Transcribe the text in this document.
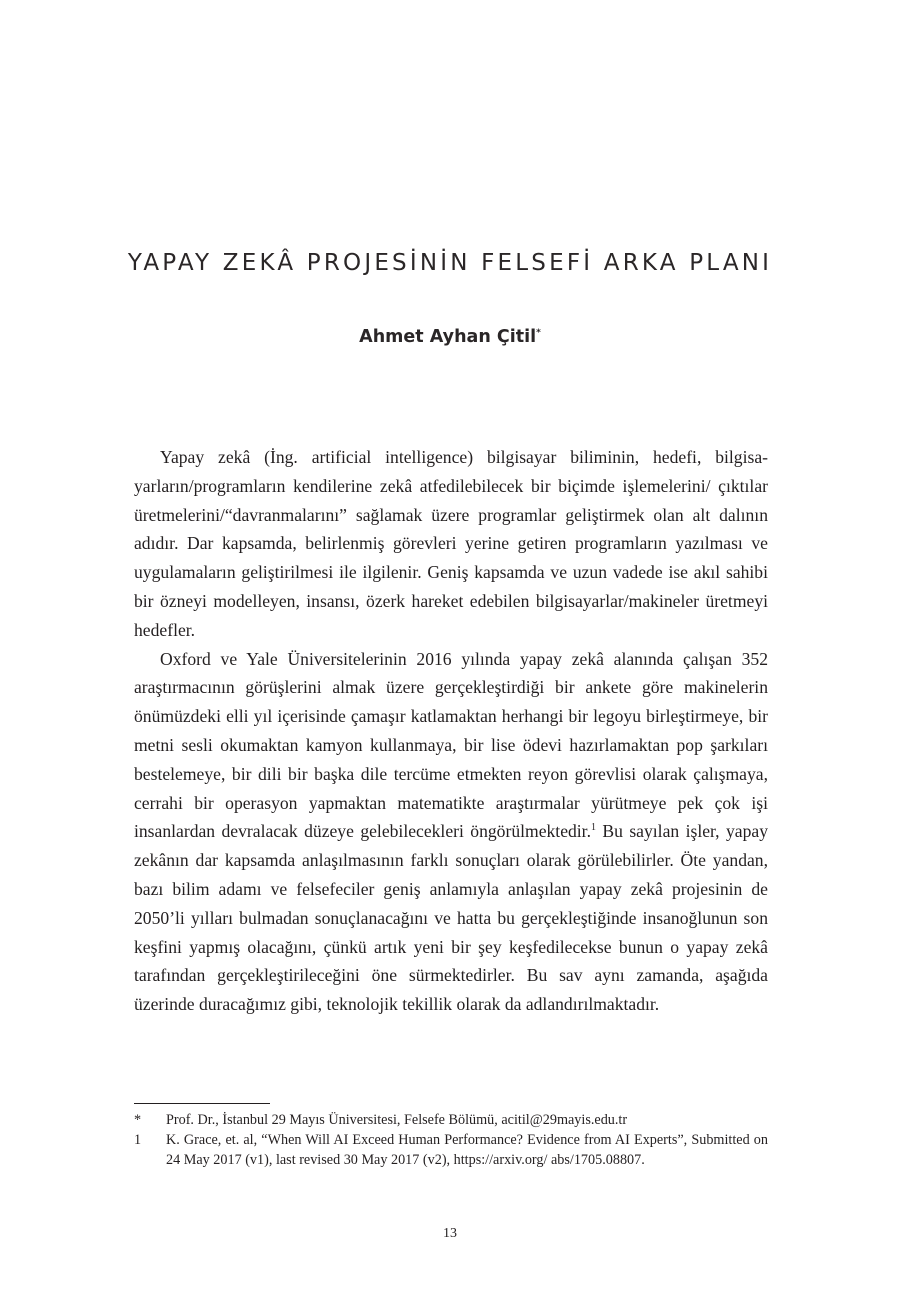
YAPAY ZEKÂ PROJESİNİN FELSEFİ ARKA PLANI

Ahmet Ayhan Çitil*

Yapay zekâ (İng. artificial intelligence) bilgisayar biliminin, hedefi, bilgisayarların/programların kendilerine zekâ atfedilebilecek bir biçimde işlemelerini/ çıktılar üretmelerini/“davranmalarını” sağlamak üzere programlar geliştirmek olan alt dalının adıdır. Dar kapsamda, belirlenmiş görevleri yerine getiren programların yazılması ve uygulamaların geliştirilmesi ile ilgilenir. Geniş kapsamda ve uzun vadede ise akıl sahibi bir özneyi modelleyen, insansı, özerk hareket edebilen bilgisayarlar/makineler üretmeyi hedefler.

Oxford ve Yale Üniversitelerinin 2016 yılında yapay zekâ alanında çalışan 352 araştırmacının görüşlerini almak üzere gerçekleştirdiği bir ankete göre makinelerin önümüzdeki elli yıl içerisinde çamaşır katlamaktan herhangi bir legoyu birleştirmeye, bir metni sesli okumaktan kamyon kullanmaya, bir lise ödevi hazırlamaktan pop şarkıları bestelemeye, bir dili bir başka dile tercüme etmekten reyon görevlisi olarak çalışmaya, cerrahi bir operasyon yapmaktan matematikte araştırmalar yürütmeye pek çok işi insanlardan devralacak düzeye gelebilecekleri öngörülmektedir.$^1$ Bu sayılan işler, yapay zekânın dar kapsamda anlaşılmasının farklı sonuçları olarak görülebilirler. Öte yandan, bazı bilim adamı ve felsefeciler geniş anlamıyla anlaşılan yapay zekâ projesinin de 2050’li yılları bulmadan sonuçlanacağını ve hatta bu gerçekleştiğinde insanoğlunun son keşfini yapmış olacağını, çünkü artık yeni bir şey keşfedilecekse bunun o yapay zekâ tarafından gerçekleştirileceğini öne sürmektedirler. Bu sav aynı zamanda, aşağıda üzerinde duracağımız gibi, teknolojik tekillik olarak da adlandırılmaktadır.

*	Prof. Dr., İstanbul 29 Mayıs Üniversitesi, Felsefe Bölümü, acitil@29mayis.edu.tr
1	K. Grace, et. al, “When Will AI Exceed Human Performance? Evidence from AI Experts”, Submitted on 24 May 2017 (v1), last revised 30 May 2017 (v2), https://arxiv.org/ abs/1705.08807.
13
